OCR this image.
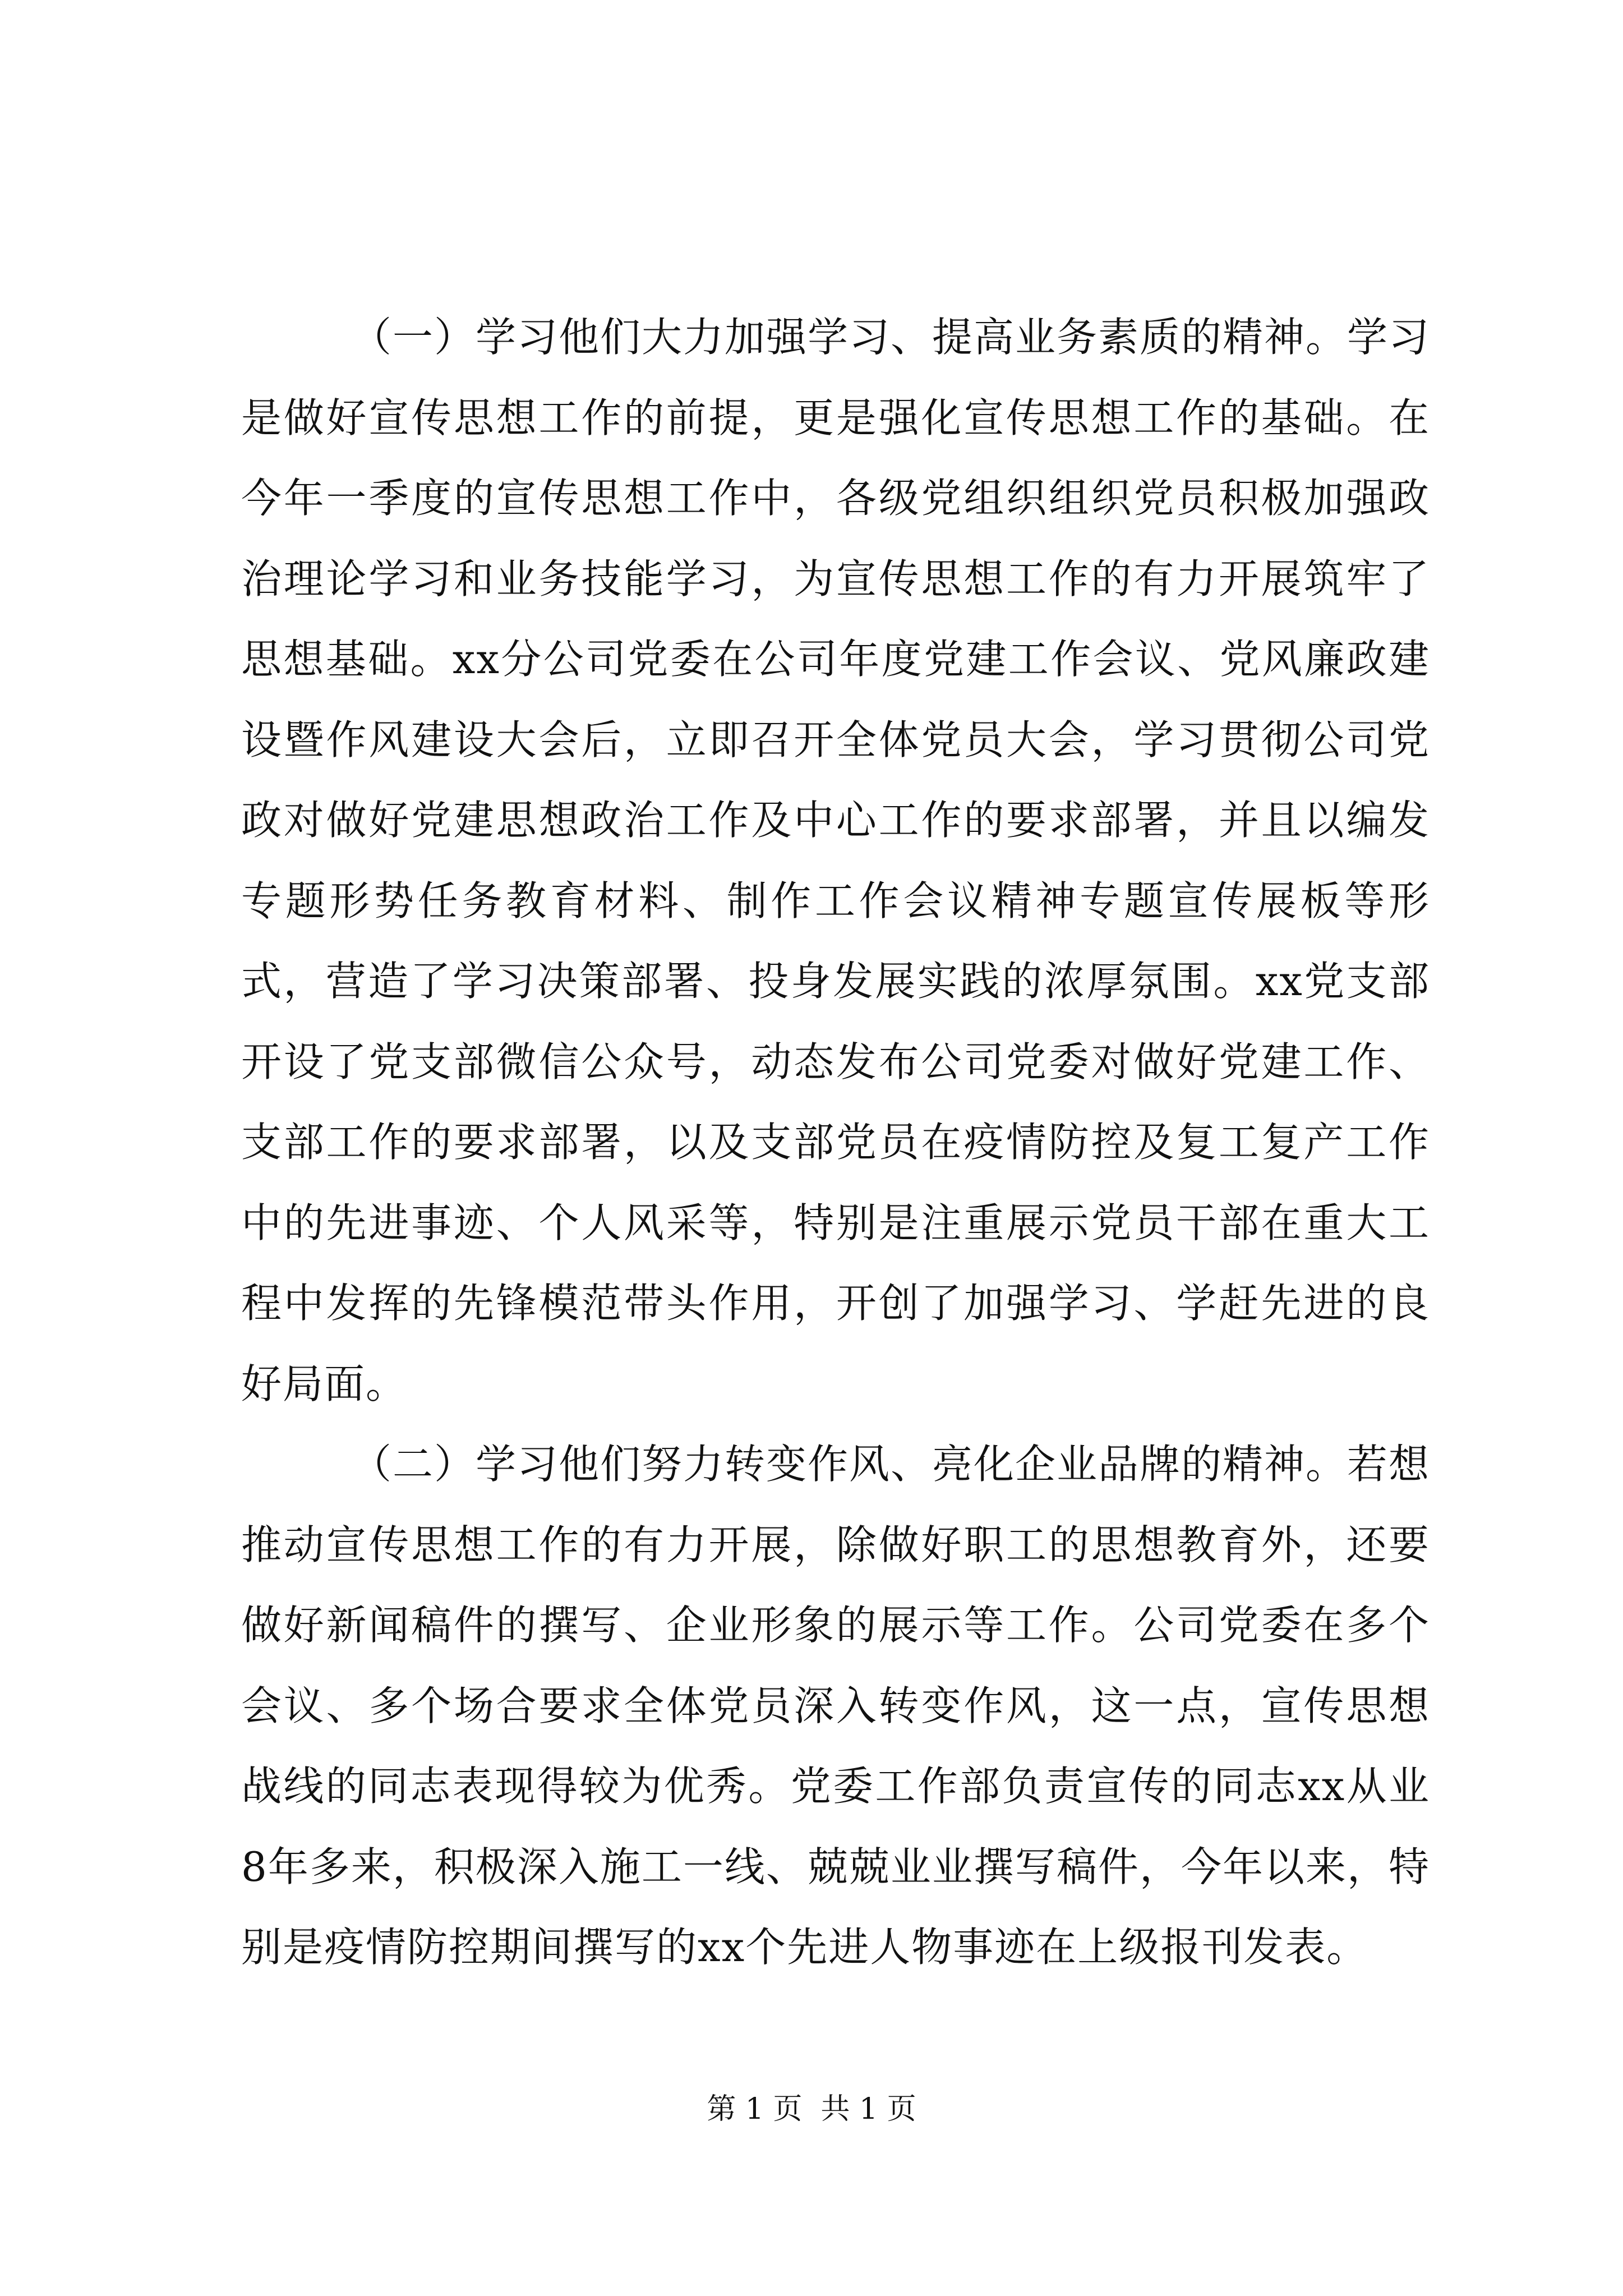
（一）学习他们大力加强学习、提高业务素质的精神。学习是做好宣传思想工作的前提，更是强化宣传思想工作的基础。在今年一季度的宣传思想工作中，各级党组织组织党员积极加强政治理论学习和业务技能学习，为宣传思想工作的有力开展筑牢了思想基础。xx分公司党委在公司年度党建工作会议、党风廉政建设暨作风建设大会后，立即召开全体党员大会，学习贯彻公司党政对做好党建思想政治工作及中心工作的要求部署，并且以编发专题形势任务教育材料、制作工作会议精神专题宣传展板等形式，营造了学习决策部署、投身发展实践的浓厚氛围。xx党支部开设了党支部微信公众号，动态发布公司党委对做好党建工作、支部工作的要求部署，以及支部党员在疫情防控及复工复产工作中的先进事迹、个人风采等，特别是注重展示党员干部在重大工程中发挥的先锋模范带头作用，开创了加强学习、学赶先进的良好局面。

（二）学习他们努力转变作风、亮化企业品牌的精神。若想推动宣传思想工作的有力开展，除做好职工的思想教育外，还要做好新闻稿件的撰写、企业形象的展示等工作。公司党委在多个会议、多个场合要求全体党员深入转变作风，这一点，宣传思想战线的同志表现得较为优秀。党委工作部负责宣传的同志xx从业8年多来，积极深入施工一线、兢兢业业撰写稿件，今年以来，特别是疫情防控期间撰写的xx个先进人物事迹在上级报刊发表。

第 1 页  共 1 页
